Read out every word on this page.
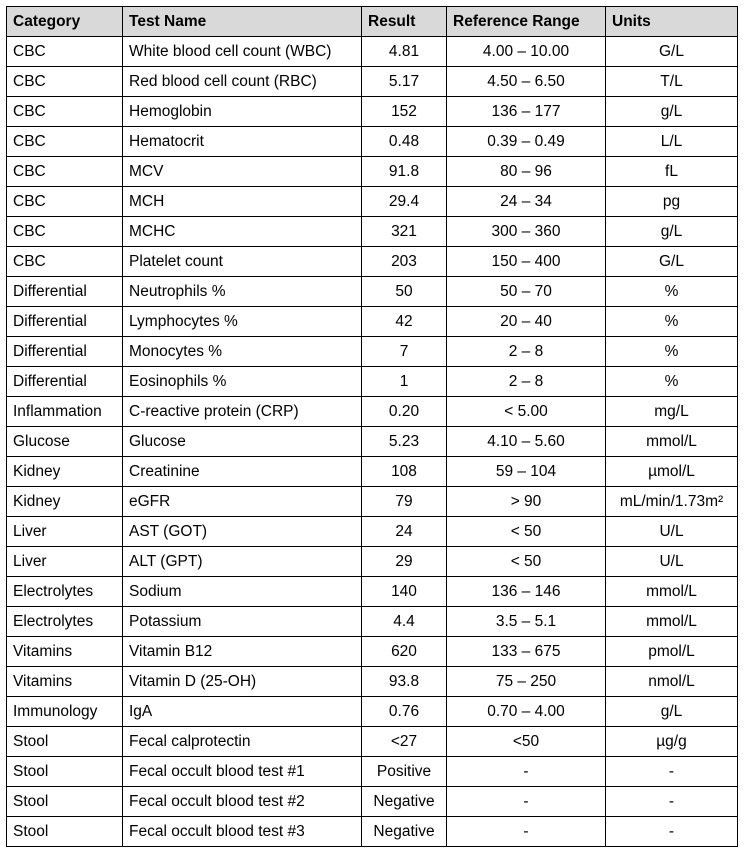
Category	Test Name	Result	Reference Range	Units
CBC	White blood cell count (WBC)	4.81	4.00 – 10.00	G/L
CBC	Red blood cell count (RBC)	5.17	4.50 – 6.50	T/L
CBC	Hemoglobin	152	136 – 177	g/L
CBC	Hematocrit	0.48	0.39 – 0.49	L/L
CBC	MCV	91.8	80 – 96	fL
CBC	MCH	29.4	24 – 34	pg
CBC	MCHC	321	300 – 360	g/L
CBC	Platelet count	203	150 – 400	G/L
Differential	Neutrophils %	50	50 – 70	%
Differential	Lymphocytes %	42	20 – 40	%
Differential	Monocytes %	7	2 – 8	%
Differential	Eosinophils %	1	2 – 8	%
Inflammation	C-reactive protein (CRP)	0.20	< 5.00	mg/L
Glucose	Glucose	5.23	4.10 – 5.60	mmol/L
Kidney	Creatinine	108	59 – 104	µmol/L
Kidney	eGFR	79	> 90	mL/min/1.73m²
Liver	AST (GOT)	24	< 50	U/L
Liver	ALT (GPT)	29	< 50	U/L
Electrolytes	Sodium	140	136 – 146	mmol/L
Electrolytes	Potassium	4.4	3.5 – 5.1	mmol/L
Vitamins	Vitamin B12	620	133 – 675	pmol/L
Vitamins	Vitamin D (25-OH)	93.8	75 – 250	nmol/L
Immunology	IgA	0.76	0.70 – 4.00	g/L
Stool	Fecal calprotectin	<27	<50	µg/g
Stool	Fecal occult blood test #1	Positive	-	-
Stool	Fecal occult blood test #2	Negative	-	-
Stool	Fecal occult blood test #3	Negative	-	-
